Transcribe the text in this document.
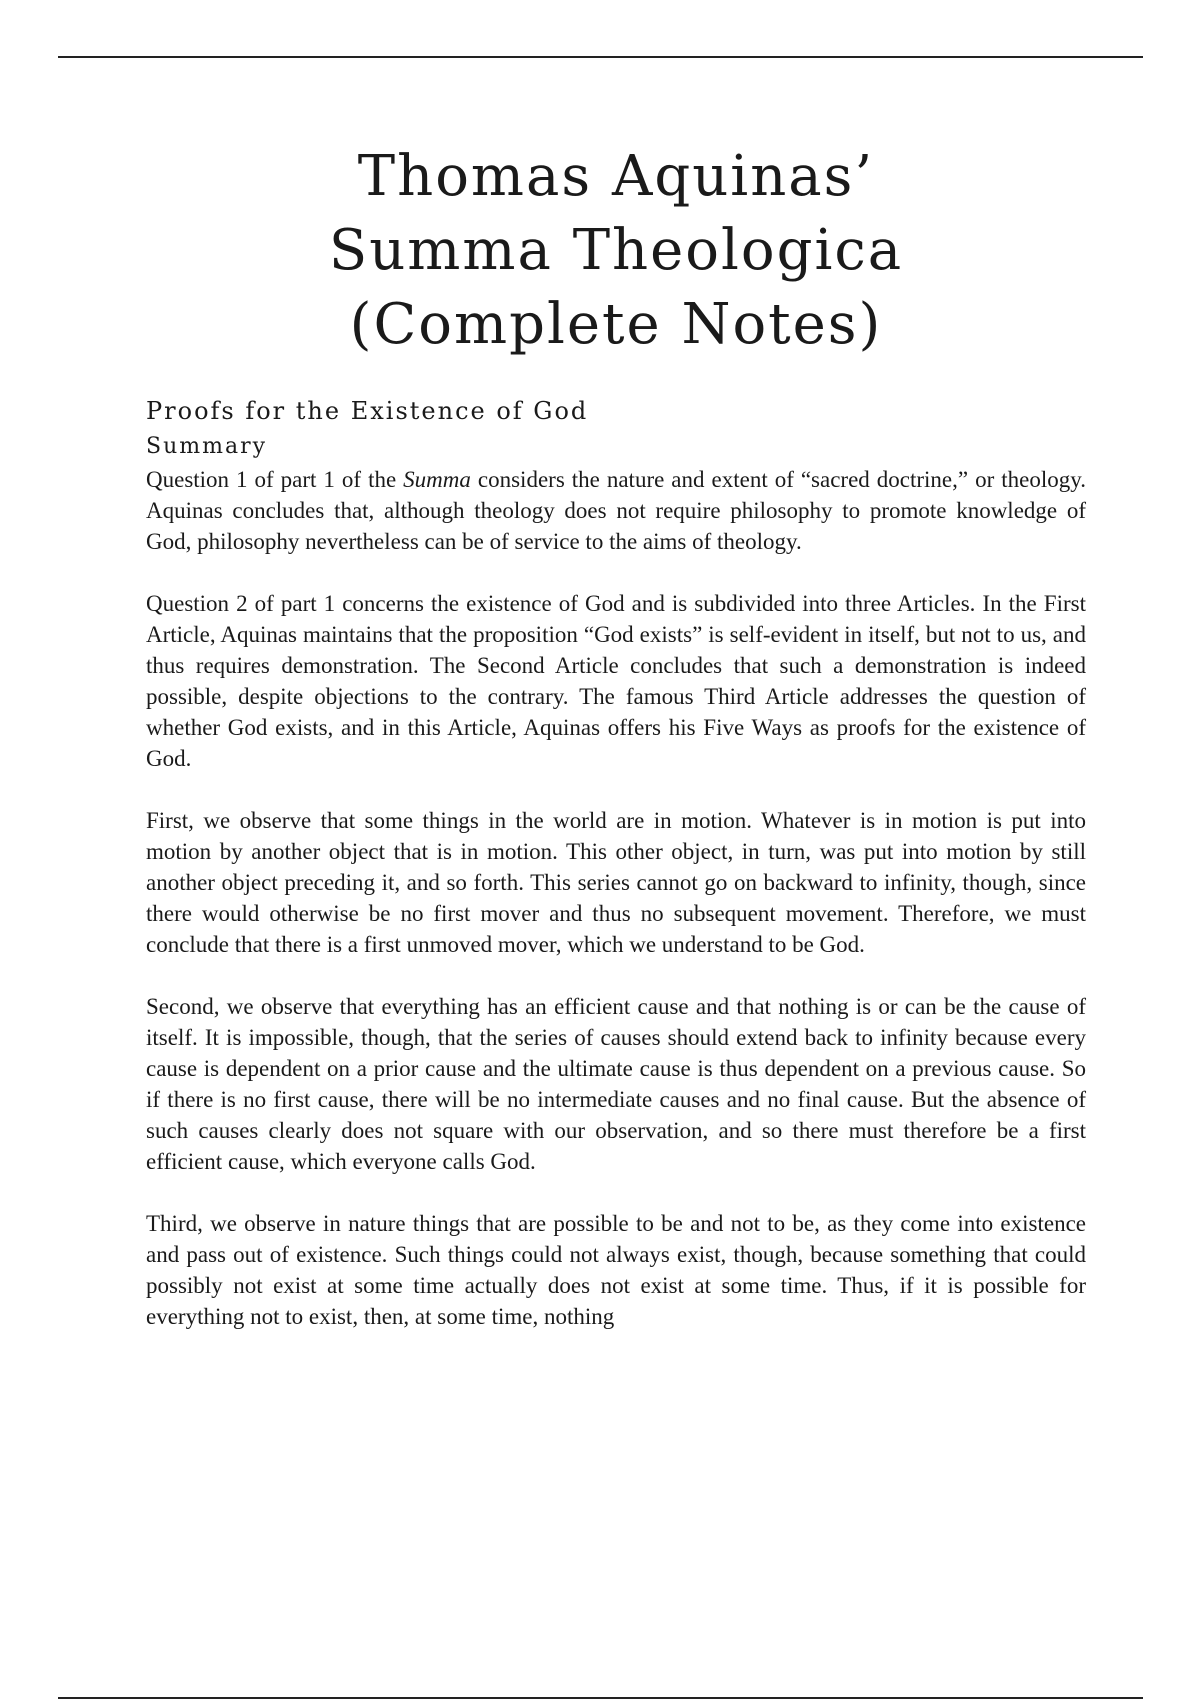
Thomas Aquinas’
Summa Theologica
(Complete Notes)
Proofs for the Existence of God
Summary

Question 1 of part 1 of the Summa considers the nature and extent of “sacred doctrine,” or theology. Aquinas concludes that, although theology does not require philosophy to promote knowledge of God, philosophy nevertheless can be of service to the aims of theology.

Question 2 of part 1 concerns the existence of God and is subdivided into three Articles. In the First Article, Aquinas maintains that the proposition “God exists” is self-evident in itself, but not to us, and thus requires demonstration. The Second Article concludes that such a demonstration is indeed possible, despite objections to the contrary. The famous Third Article addresses the question of whether God exists, and in this Article, Aquinas offers his Five Ways as proofs for the existence of God.

First, we observe that some things in the world are in motion. Whatever is in motion is put into motion by another object that is in motion. This other object, in turn, was put into motion by still another object preceding it, and so forth. This series cannot go on backward to infinity, though, since there would otherwise be no first mover and thus no subsequent movement. Therefore, we must conclude that there is a first unmoved mover, which we understand to be God.

Second, we observe that everything has an efficient cause and that nothing is or can be the cause of itself. It is impossible, though, that the series of causes should extend back to infinity because every cause is dependent on a prior cause and the ultimate cause is thus dependent on a previous cause. So if there is no first cause, there will be no intermediate causes and no final cause. But the absence of such causes clearly does not square with our observation, and so there must therefore be a first efficient cause, which everyone calls God.

Third, we observe in nature things that are possible to be and not to be, as they come into existence and pass out of existence. Such things could not always exist, though, because something that could possibly not exist at some time actually does not exist at some time. Thus, if it is possible for everything not to exist, then, at some time, nothing
